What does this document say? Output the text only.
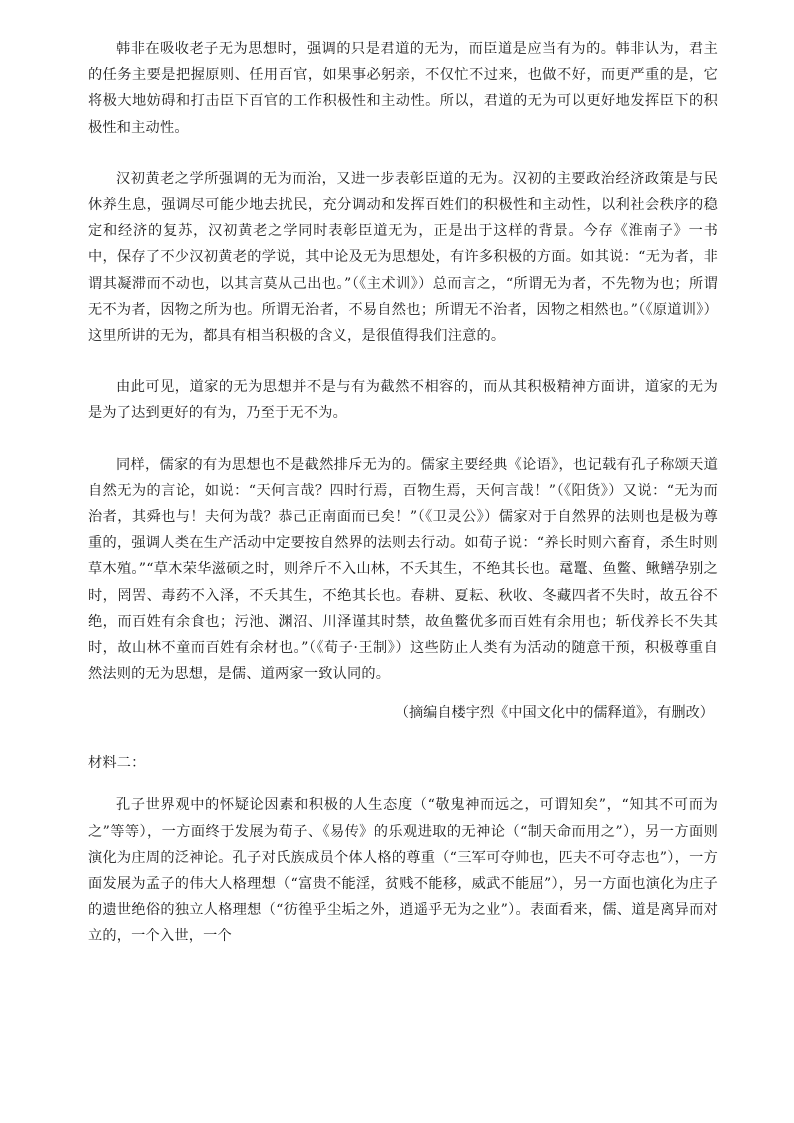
韩非在吸收老子无为思想时，强调的只是君道的无为，而臣道是应当有为的。韩非认为，君主的任务主要是把握原则、任用百官，如果事必躬亲，不仅忙不过来，也做不好，而更严重的是，它将极大地妨碍和打击臣下百官的工作积极性和主动性。所以，君道的无为可以更好地发挥臣下的积极性和主动性。

汉初黄老之学所强调的无为而治，又进一步表彰臣道的无为。汉初的主要政治经济政策是与民休养生息，强调尽可能少地去扰民，充分调动和发挥百姓们的积极性和主动性，以利社会秩序的稳定和经济的复苏，汉初黄老之学同时表彰臣道无为，正是出于这样的背景。今存《淮南子》一书中，保存了不少汉初黄老的学说，其中论及无为思想处，有许多积极的方面。如其说：“无为者，非谓其凝滞而不动也，以其言莫从己出也。”（《主术训》）总而言之，“所谓无为者，不先物为也；所谓无不为者，因物之所为也。所谓无治者，不易自然也；所谓无不治者，因物之相然也。”（《原道训》）这里所讲的无为，都具有相当积极的含义，是很值得我们注意的。

由此可见，道家的无为思想并不是与有为截然不相容的，而从其积极精神方面讲，道家的无为是为了达到更好的有为，乃至于无不为。

同样，儒家的有为思想也不是截然排斥无为的。儒家主要经典《论语》，也记载有孔子称颂天道自然无为的言论，如说：“天何言哉？四时行焉，百物生焉，天何言哉！”（《阳货》）又说：“无为而治者，其舜也与！夫何为哉？恭己正南面而已矣！”（《卫灵公》）儒家对于自然界的法则也是极为尊重的，强调人类在生产活动中定要按自然界的法则去行动。如荀子说：“养长时则六畜育，杀生时则草木殖。”“草木荣华滋硕之时，则斧斤不入山林，不夭其生，不绝其长也。鼋鼍、鱼鳖、鳅鳝孕别之时，罔罟、毒药不入泽，不夭其生，不绝其长也。春耕、夏耘、秋收、冬藏四者不失时，故五谷不绝，而百姓有余食也；污池、渊沼、川泽谨其时禁，故鱼鳖优多而百姓有余用也；斩伐养长不失其时，故山林不童而百姓有余材也。”（《荀子·王制》）这些防止人类有为活动的随意干预，积极尊重自然法则的无为思想，是儒、道两家一致认同的。

（摘编自楼宇烈《中国文化中的儒释道》，有删改）
材料二：

孔子世界观中的怀疑论因素和积极的人生态度（“敬鬼神而远之，可谓知矣”，“知其不可而为之”等等），一方面终于发展为荀子、《易传》的乐观进取的无神论（“制天命而用之”），另一方面则演化为庄周的泛神论。孔子对氏族成员个体人格的尊重（“三军可夺帅也，匹夫不可夺志也”），一方面发展为孟子的伟大人格理想（“富贵不能淫，贫贱不能移，威武不能屈”），另一方面也演化为庄子的遗世绝俗的独立人格理想（“彷徨乎尘垢之外，逍遥乎无为之业”）。表面看来，儒、道是离异而对立的，一个入世，一个
